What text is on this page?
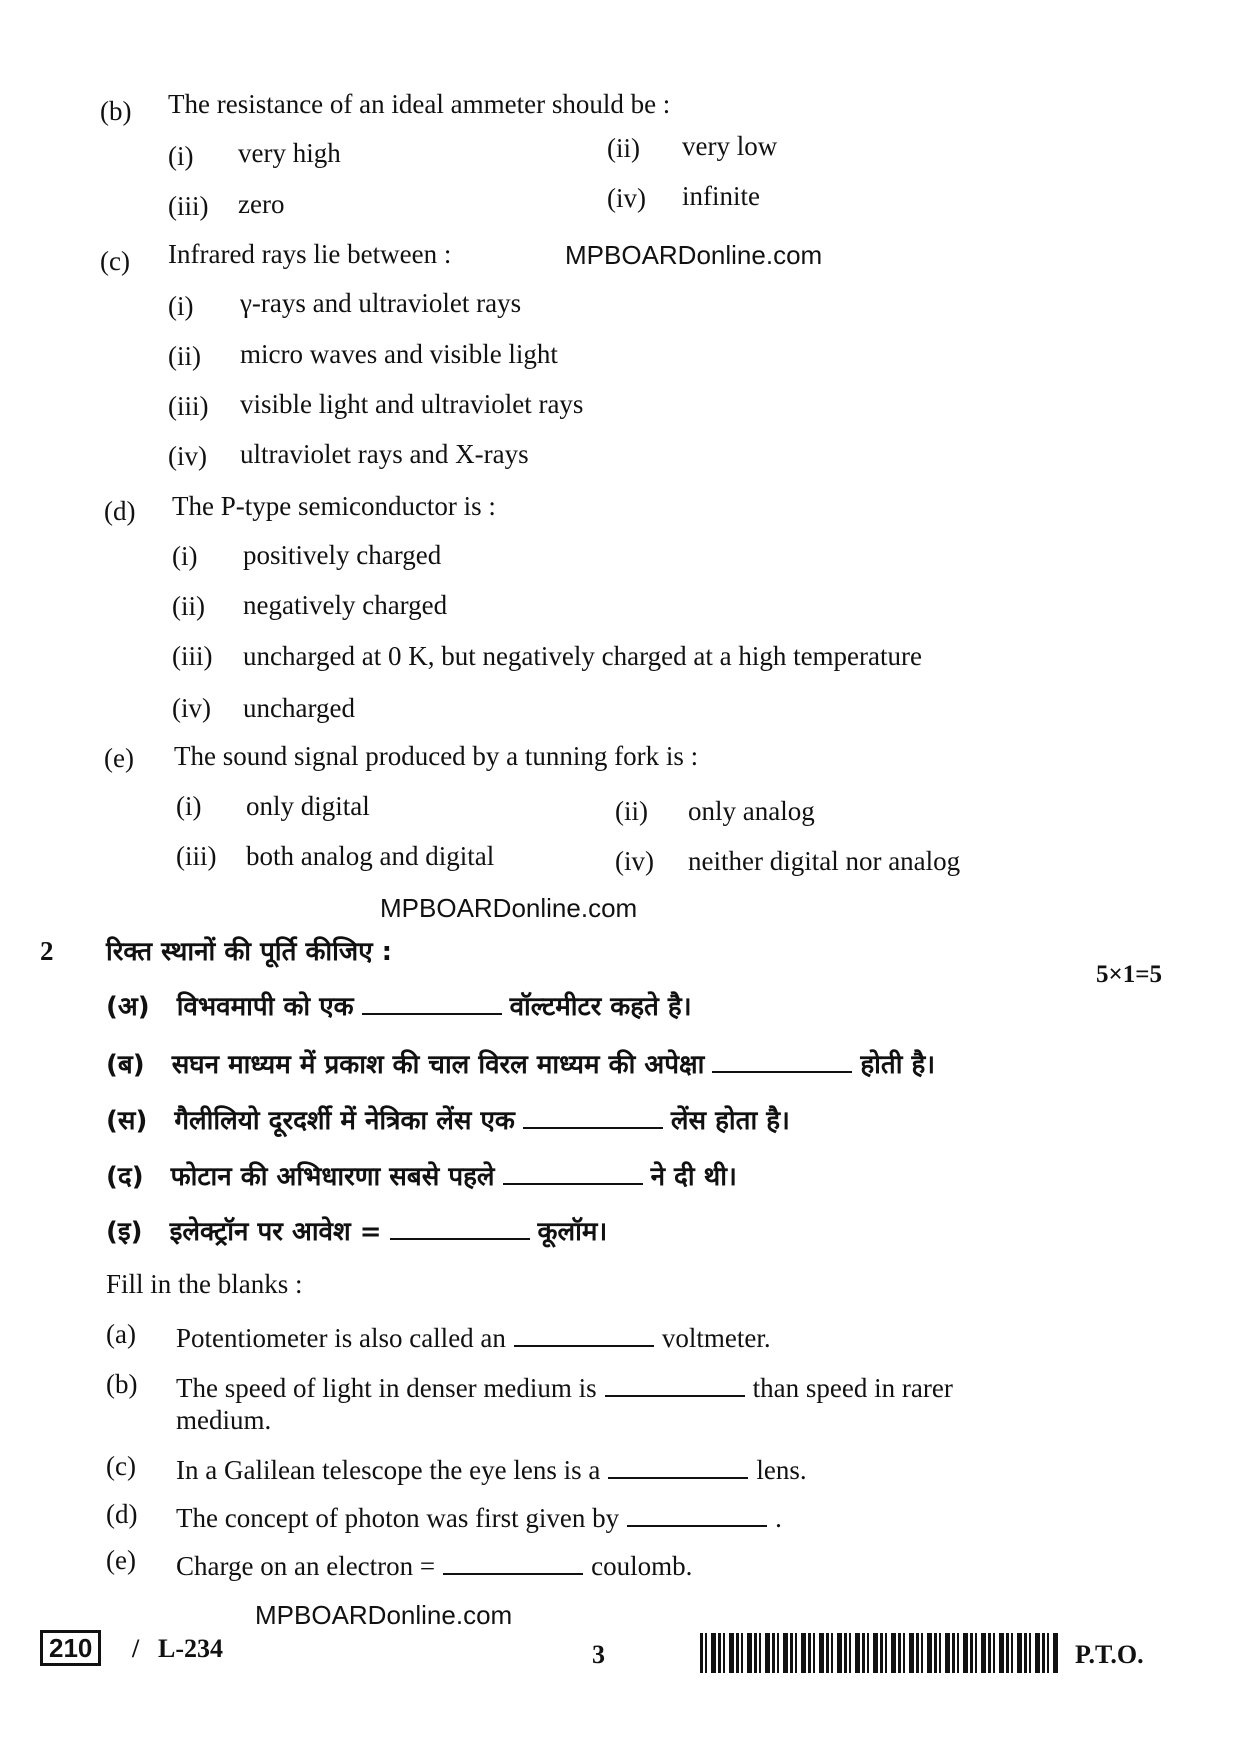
(b) The resistance of an ideal ammeter should be :
(i) very high	(ii) very low
(iii) zero	(iv) infinite
(c) Infrared rays lie between :	MPBOARDonline.com
(i) γ-rays and ultraviolet rays
(ii) micro waves and visible light
(iii) visible light and ultraviolet rays
(iv) ultraviolet rays and X-rays
(d) The P-type semiconductor is :
(i) positively charged
(ii) negatively charged
(iii) uncharged at 0 K, but negatively charged at a high temperature
(iv) uncharged
(e) The sound signal produced by a tunning fork is :
(i) only digital	(ii) only analog
(iii) both analog and digital	(iv) neither digital nor analog
MPBOARDonline.com
2 रिक्त स्थानों की पूर्ति कीजिए :
5×1=5
(अ) विभवमापी को एक	वॉल्टमीटर कहते है।
(ब) सघन माध्यम में प्रकाश की चाल विरल माध्यम की अपेक्षा	होती है।
(स) गैलीलियो दूरदर्शी में नेत्रिका लेंस एक	लेंस होता है।
(द) फोटान की अभिधारणा सबसे पहले	ने दी थी।
(इ) इलेक्ट्रॉन पर आवेश =	कूलॉम।
Fill in the blanks :
(a) Potentiometer is also called an	voltmeter.
(b) The speed of light in denser medium is	than speed in rarer
medium.
(c) In a Galilean telescope the eye lens is a	lens.
(d) The concept of photon was first given by	.
(e) Charge on an electron =	coulomb.
MPBOARDonline.com
210	/ L-234	3	P.T.O.
